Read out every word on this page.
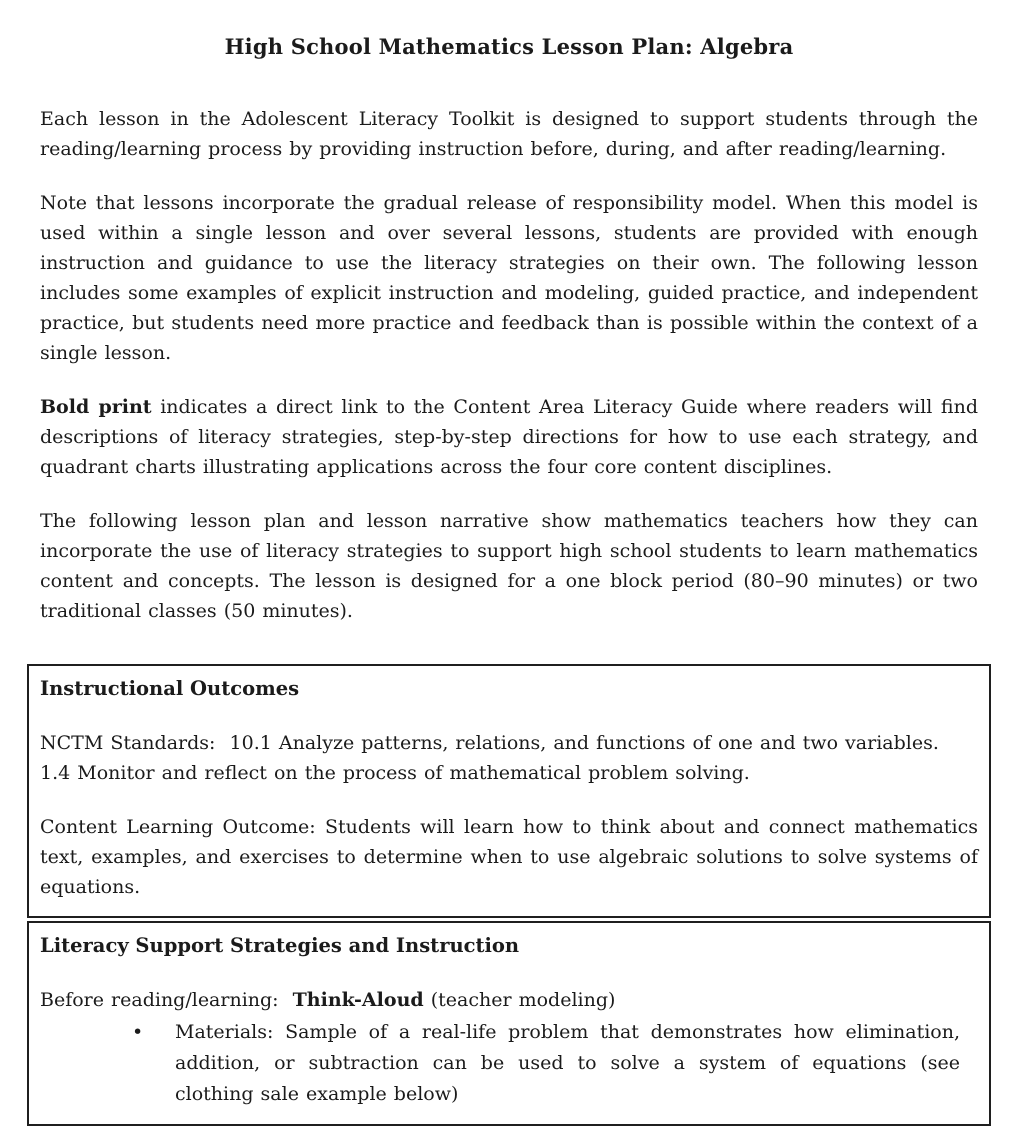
High School Mathematics Lesson Plan: Algebra
Each lesson in the Adolescent Literacy Toolkit is designed to support students through the reading/learning process by providing instruction before, during, and after reading/learning.
Note that lessons incorporate the gradual release of responsibility model. When this model is used within a single lesson and over several lessons, students are provided with enough instruction and guidance to use the literacy strategies on their own. The following lesson includes some examples of explicit instruction and modeling, guided practice, and independent practice, but students need more practice and feedback than is possible within the context of a single lesson.
Bold print indicates a direct link to the Content Area Literacy Guide where readers will find descriptions of literacy strategies, step-by-step directions for how to use each strategy, and quadrant charts illustrating applications across the four core content disciplines.
The following lesson plan and lesson narrative show mathematics teachers how they can incorporate the use of literacy strategies to support high school students to learn mathematics content and concepts. The lesson is designed for a one block period (80–90 minutes) or two traditional classes (50 minutes).
Instructional Outcomes
NCTM Standards:  10.1 Analyze patterns, relations, and functions of one and two variables.
1.4 Monitor and reflect on the process of mathematical problem solving.
Content Learning Outcome: Students will learn how to think about and connect mathematics text, examples, and exercises to determine when to use algebraic solutions to solve systems of equations.
Literacy Support Strategies and Instruction
Before reading/learning:  Think-Aloud (teacher modeling)
• Materials: Sample of a real-life problem that demonstrates how elimination, addition, or subtraction can be used to solve a system of equations (see clothing sale example below)
